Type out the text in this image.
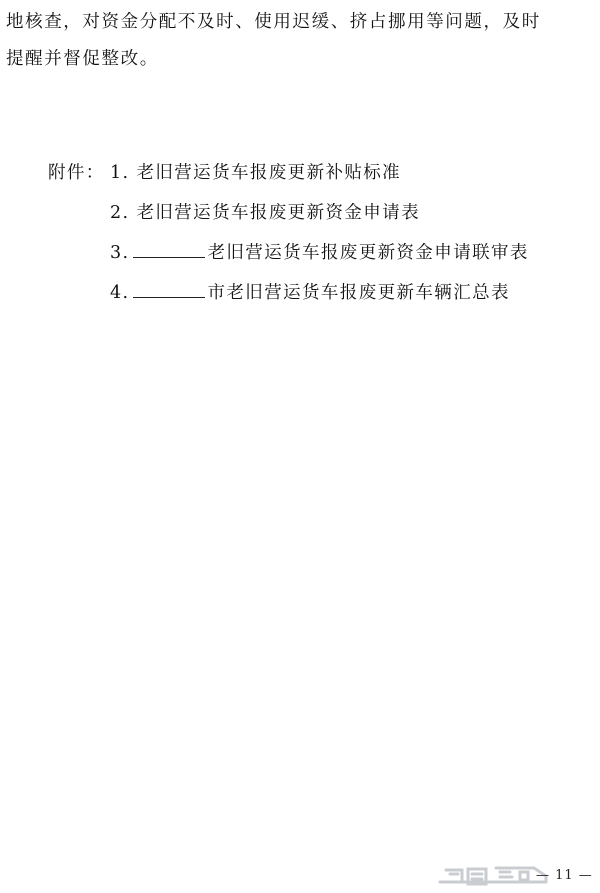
地核查，对资金分配不及时、使用迟缓、挤占挪用等问题，及时
提醒并督促整改。
附件： 1. 老旧营运货车报废更新补贴标准
2. 老旧营运货车报废更新资金申请表
3.	老旧营运货车报废更新资金申请联审表
4.	市老旧营运货车报废更新车辆汇总表
— 11 —
